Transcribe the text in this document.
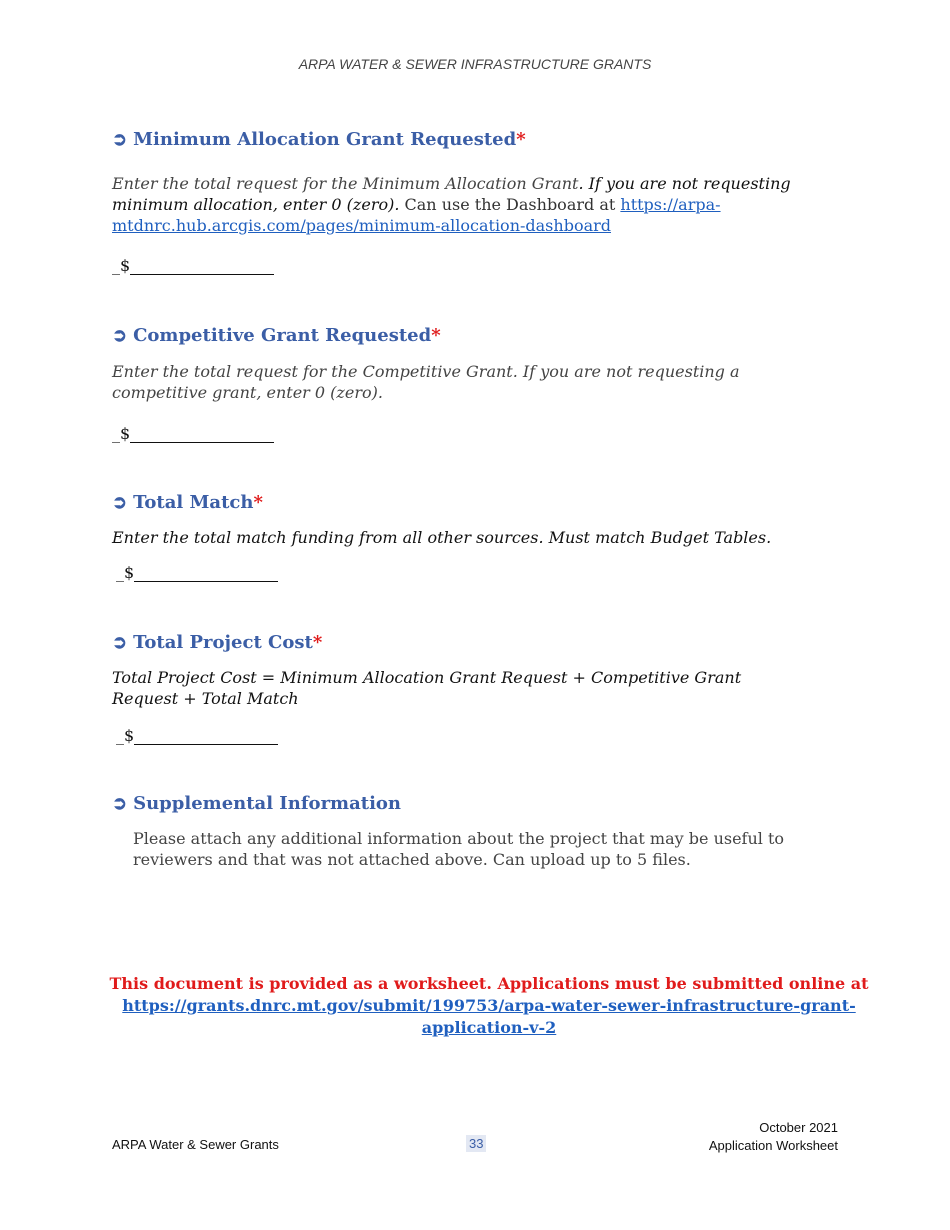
ARPA WATER & SEWER INFRASTRUCTURE GRANTS
➲ Minimum Allocation Grant Requested*
Enter the total request for the Minimum Allocation Grant. If you are not requesting minimum allocation, enter 0 (zero). Can use the Dashboard at https://arpa-mtdnrc.hub.arcgis.com/pages/minimum-allocation-dashboard
_$
➲ Competitive Grant Requested*
Enter the total request for the Competitive Grant. If you are not requesting a competitive grant, enter 0 (zero).
_$
➲ Total Match*
Enter the total match funding from all other sources. Must match Budget Tables.
_$
➲ Total Project Cost*
Total Project Cost = Minimum Allocation Grant Request + Competitive Grant Request + Total Match
_$
➲ Supplemental Information
Please attach any additional information about the project that may be useful to reviewers and that was not attached above. Can upload up to 5 files.
This document is provided as a worksheet. Applications must be submitted online at
https://grants.dnrc.mt.gov/submit/199753/arpa-water-sewer-infrastructure-grant-application-v-2
ARPA Water & Sewer Grants	33
October 2021
Application Worksheet
